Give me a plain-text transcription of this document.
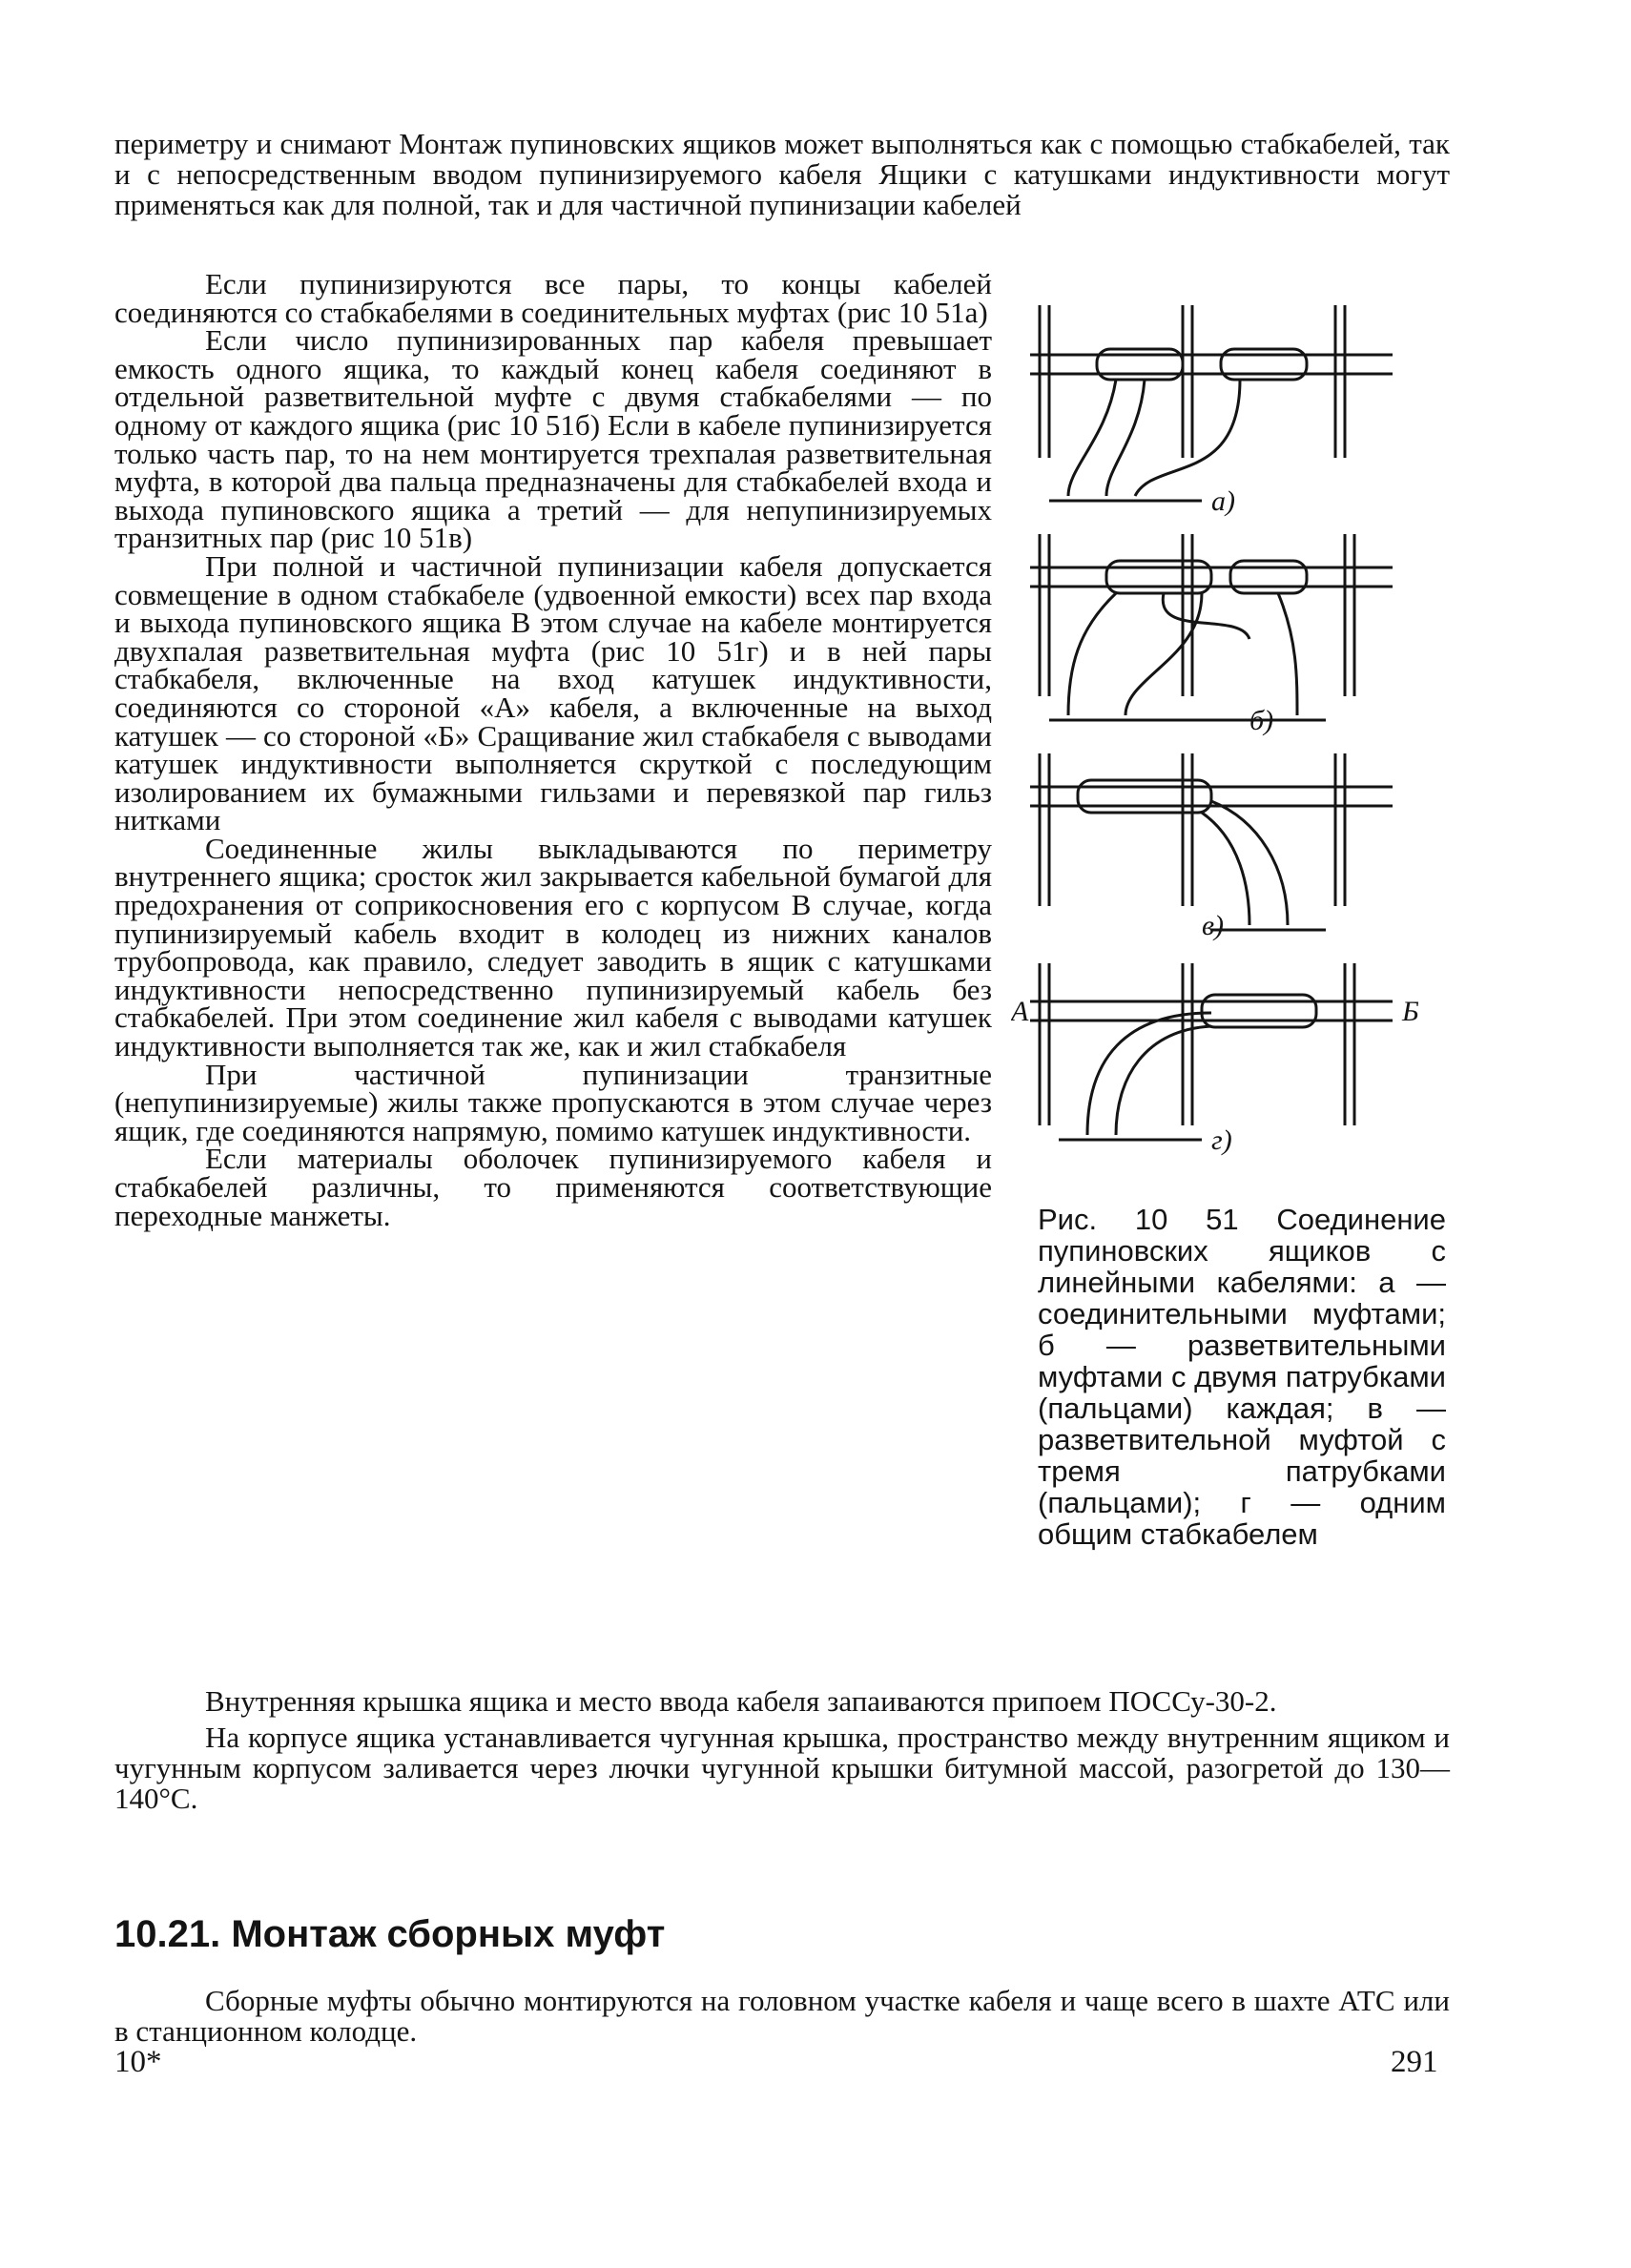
периметру и снимают Монтаж пупиновских ящиков может выполняться как с помощью стабкабелей, так и с непосредственным вводом пупинизируемого кабеля Ящики с катушками индуктивности могут применяться как для полной, так и для частичной пупинизации кабелей

Если пупинизируются все пары, то концы кабелей соединяются со стабкабелями в соединительных муфтах (рис 10 51а)

Если число пупинизированных пар кабеля превышает емкость одного ящика, то каждый конец кабеля соединяют в отдельной разветвительной муфте с двумя стабкабелями — по одному от каждого ящика (рис 10 51б) Если в кабеле пупинизируется только часть пар, то на нем монтируется трехпалая разветвительная муфта, в которой два пальца предназначены для стабкабелей входа и выхода пупиновского ящика а третий — для непупинизируемых транзитных пар (рис 10 51в)

При полной и частичной пупинизации кабеля допускается совмещение в одном стабкабеле (удвоенной емкости) всех пар входа и выхода пупиновского ящика В этом случае на кабеле монтируется двухпалая разветвительная муфта (рис 10 51г) и в ней пары стабкабеля, включенные на вход катушек индуктивности, соединяются со стороной «А» кабеля, а включенные на выход катушек — со стороной «Б» Сращивание жил стабкабеля с выводами катушек индуктивности выполняется скруткой с последующим изолированием их бумажными гильзами и перевязкой пар гильз нитками

Соединенные жилы выкладываются по периметру внутреннего ящика; сросток жил закрывается кабельной бумагой для предохранения от соприкосновения его с корпусом В случае, когда пупинизируемый кабель входит в колодец из нижних каналов трубопровода, как правило, следует заводить в ящик с катушками индуктивности непосредственно пупинизируемый кабель без стабкабелей. При этом соединение жил кабеля с выводами катушек индуктивности выполняется так же, как и жил стабкабеля

При частичной пупинизации транзитные (непупинизируемые) жилы также пропускаются в этом случае через ящик, где соединяются напрямую, помимо катушек индуктивности.

Если материалы оболочек пупинизируемого кабеля и стабкабелей различны, то применяются соответствующие переходные манжеты.

а)
б)
в)
г)
А	Б

Рис. 10 51 Соединение пупиновских ящиков с линейными кабелями: а — соединительными муфтами; б — разветвительными муфтами с двумя патрубками (пальцами) каждая; в — разветвительной муфтой с тремя патрубками (пальцами); г — одним общим стабкабелем

Внутренняя крышка ящика и место ввода кабеля запаиваются припоем ПОССу-30-2.

На корпусе ящика устанавливается чугунная крышка, пространство между внутренним ящиком и чугунным корпусом заливается через лючки чугунной крышки битумной массой, разогретой до 130— 140°С.

10.21. Монтаж сборных муфт

Сборные муфты обычно монтируются на головном участке кабеля и чаще всего в шахте АТС или в станционном колодце.

10*	291
